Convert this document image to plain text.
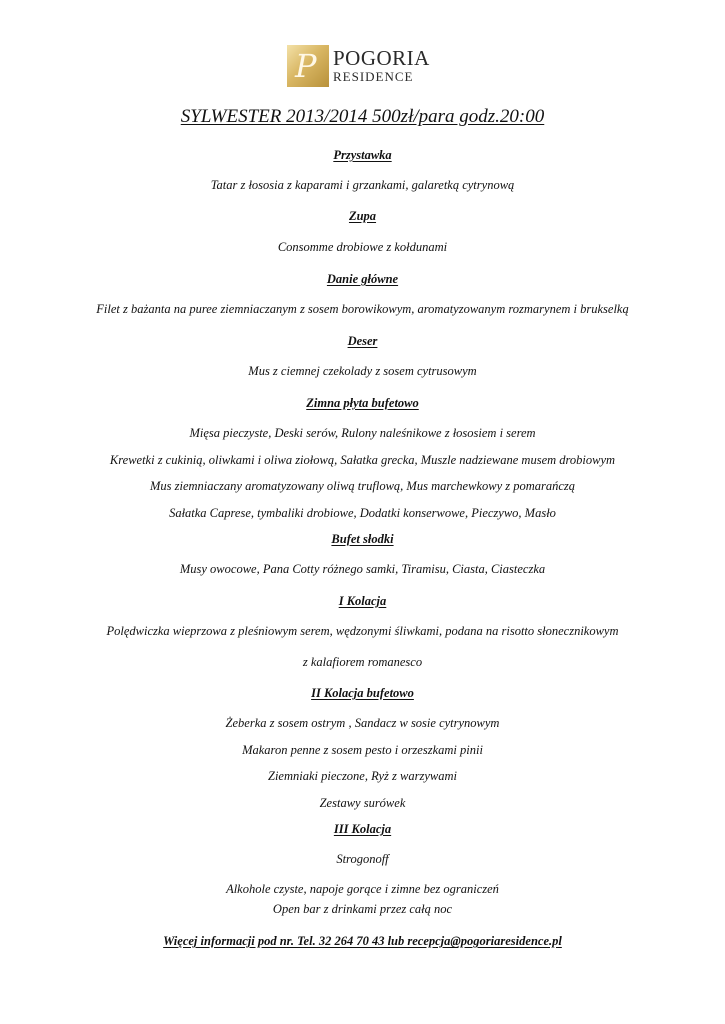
P POGORIA
RESIDENCE
SYLWESTER 2013/2014 500zł/para godz.20:00
Przystawka
Tatar z łososia z kaparami i grzankami, galaretką cytrynową
Zupa
Consomme drobiowe z kołdunami
Danie główne
Filet z bażanta na puree ziemniaczanym z sosem borowikowym, aromatyzowanym rozmarynem i brukselką
Deser
Mus z ciemnej czekolady z sosem cytrusowym
Zimna płyta bufetowo
Mięsa pieczyste, Deski serów, Rulony naleśnikowe z łososiem i serem
Krewetki z cukinią, oliwkami i oliwa ziołową, Sałatka grecka, Muszle nadziewane musem drobiowym
Mus ziemniaczany aromatyzowany oliwą truflową, Mus marchewkowy z pomarańczą
Sałatka Caprese, tymbaliki drobiowe, Dodatki konserwowe, Pieczywo, Masło
Bufet słodki
Musy owocowe, Pana Cotty różnego samki, Tiramisu, Ciasta, Ciasteczka
I Kolacja
Polędwiczka wieprzowa z pleśniowym serem, wędzonymi śliwkami, podana na risotto słonecznikowym
z kalafiorem romanesco
II Kolacja bufetowo
Żeberka z sosem ostrym , Sandacz w sosie cytrynowym
Makaron penne z sosem pesto i orzeszkami pinii
Ziemniaki pieczone, Ryż z warzywami
Zestawy surówek
III Kolacja
Strogonoff
Alkohole czyste, napoje gorące i zimne bez ograniczeń
Open bar z drinkami przez całą noc
Więcej informacji pod nr. Tel. 32 264 70 43 lub recepcja@pogoriaresidence.pl
